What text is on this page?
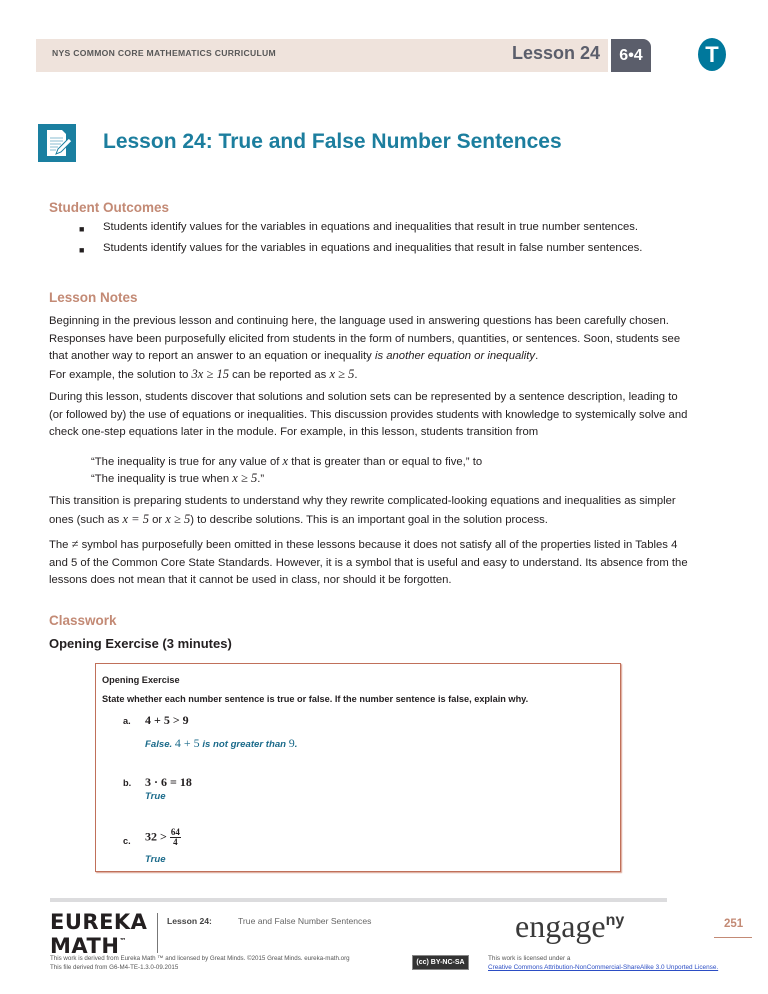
NYS COMMON CORE MATHEMATICS CURRICULUM	Lesson 24	6•4	T
Lesson 24: True and False Number Sentences
Student Outcomes
■ Students identify values for the variables in equations and inequalities that result in true number sentences.
■ Students identify values for the variables in equations and inequalities that result in false number sentences.
Lesson Notes
Beginning in the previous lesson and continuing here, the language used in answering questions has been carefully chosen. Responses have been purposefully elicited from students in the form of numbers, quantities, or sentences. Soon, students see that another way to report an answer to an equation or inequality is another equation or inequality.
For example, the solution to 3x ≥ 15 can be reported as x ≥ 5.
During this lesson, students discover that solutions and solution sets can be represented by a sentence description, leading to (or followed by) the use of equations or inequalities. This discussion provides students with knowledge to systemically solve and check one-step equations later in the module. For example, in this lesson, students transition from
“The inequality is true for any value of x that is greater than or equal to five,” to
“The inequality is true when x ≥ 5.”
This transition is preparing students to understand why they rewrite complicated-looking equations and inequalities as simpler ones (such as x = 5 or x ≥ 5) to describe solutions. This is an important goal in the solution process.
The ≠ symbol has purposefully been omitted in these lessons because it does not satisfy all of the properties listed in Tables 4 and 5 of the Common Core State Standards. However, it is a symbol that is useful and easy to understand. Its absence from the lessons does not mean that it cannot be used in class, nor should it be forgotten.
Classwork
Opening Exercise (3 minutes)
Opening Exercise
State whether each number sentence is true or false. If the number sentence is false, explain why.
a. 4 + 5 > 9
False. 4 + 5 is not greater than 9.
b. 3 · 6 = 18
True
c. $32 > \frac{64}{4}$
True
EUREKA
MATH™
Lesson 24:	True and False Number Sentences
This work is derived from Eureka Math ™ and licensed by Great Minds. ©2015 Great Minds. eureka-math.org
This file derived from G6-M4-TE-1.3.0-09.2015
engage$^{ny}$	251
(cc) BY-NC-SA
This work is licensed under a
Creative Commons Attribution-NonCommercial-ShareAlike 3.0 Unported License.
